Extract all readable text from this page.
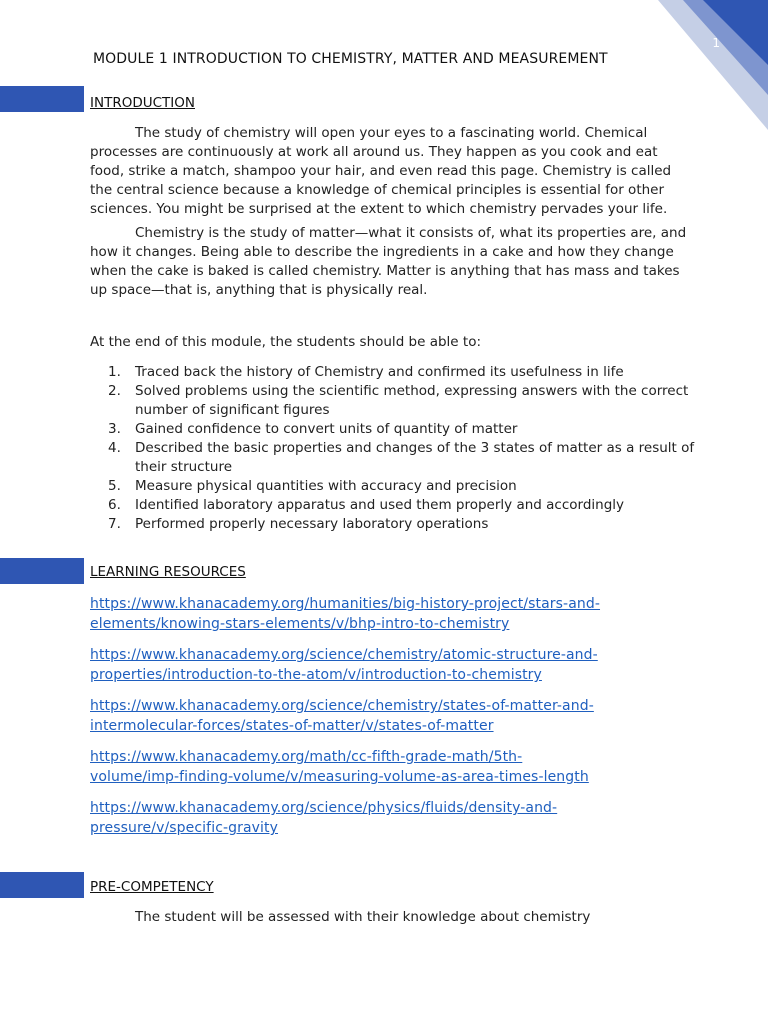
1
MODULE 1 INTRODUCTION TO CHEMISTRY, MATTER AND MEASUREMENT
INTRODUCTION

The study of chemistry will open your eyes to a fascinating world. Chemical processes are continuously at work all around us. They happen as you cook and eat food, strike a match, shampoo your hair, and even read this page. Chemistry is called the central science because a knowledge of chemical principles is essential for other sciences. You might be surprised at the extent to which chemistry pervades your life.

Chemistry is the study of matter—what it consists of, what its properties are, and how it changes. Being able to describe the ingredients in a cake and how they change when the cake is baked is called chemistry. Matter is anything that has mass and takes up space—that is, anything that is physically real.

At the end of this module, the students should be able to:

1.	Traced back the history of Chemistry and confirmed its usefulness in life
2.	Solved problems using the scientific method, expressing answers with the correct number of significant figures
3.	Gained confidence to convert units of quantity of matter
4.	Described the basic properties and changes of the 3 states of matter as a result of their structure
5.	Measure physical quantities with accuracy and precision
6.	Identified laboratory apparatus and used them properly and accordingly
7.	Performed properly necessary laboratory operations
LEARNING RESOURCES
https://www.khanacademy.org/humanities/big-history-project/stars-and-
elements/knowing-stars-elements/v/bhp-intro-to-chemistry
https://www.khanacademy.org/science/chemistry/atomic-structure-and-
properties/introduction-to-the-atom/v/introduction-to-chemistry
https://www.khanacademy.org/science/chemistry/states-of-matter-and-
intermolecular-forces/states-of-matter/v/states-of-matter
https://www.khanacademy.org/math/cc-fifth-grade-math/5th-
volume/imp-finding-volume/v/measuring-volume-as-area-times-length
https://www.khanacademy.org/science/physics/fluids/density-and-
pressure/v/specific-gravity
PRE-COMPETENCY

The student will be assessed with their knowledge about chemistry
